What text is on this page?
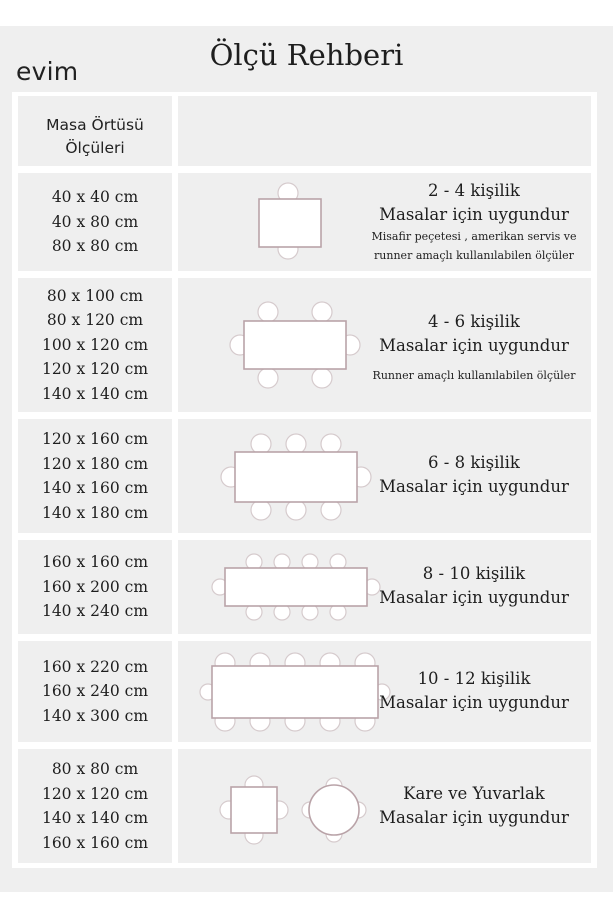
evim	Ölçü Rehberi
Masa Örtüsü
Ölçüleri
40 x 40 cm
40 x 80 cm
80 x 80 cm
2 - 4 kişilik
Masalar için uygundur
Misafir peçetesi , amerikan servis ve
runner amaçlı kullanılabilen ölçüler
80 x 100 cm
80 x 120 cm
100 x 120 cm
120 x 120 cm
140 x 140 cm
4 - 6 kişilik
Masalar için uygundur
Runner amaçlı kullanılabilen ölçüler
120 x 160 cm
120 x 180 cm
140 x 160 cm
140 x 180 cm
6 - 8 kişilik
Masalar için uygundur
160 x 160 cm
160 x 200 cm
140 x 240 cm
8 - 10 kişilik
Masalar için uygundur
160 x 220 cm
160 x 240 cm
140 x 300 cm
10 - 12 kişilik
Masalar için uygundur
80 x 80 cm
120 x 120 cm
140 x 140 cm
160 x 160 cm
Kare ve Yuvarlak
Masalar için uygundur
